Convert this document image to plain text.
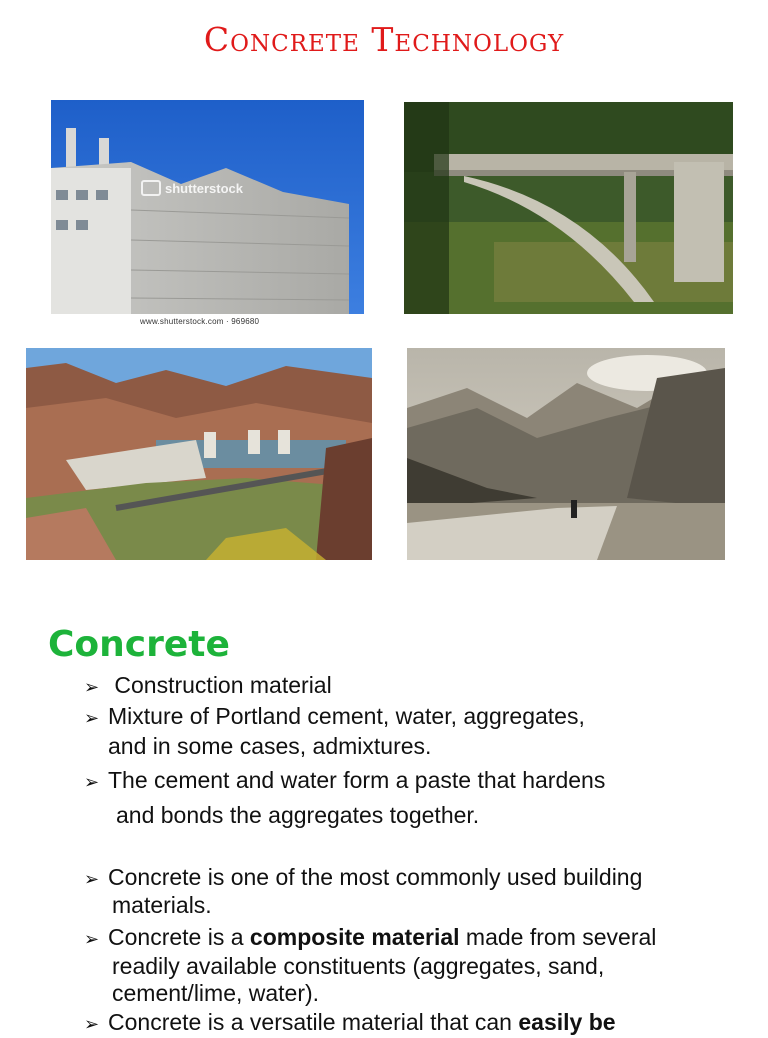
Concrete Technology
shutterstock
www.shutterstock.com · 969680
Concrete
➢ Construction material
➢ Mixture of Portland cement, water, aggregates,
and in some cases, admixtures.
➢ The cement and water form a paste that hardens
and bonds the aggregates together.
➢ Concrete is one of the most commonly used building
materials.
➢ Concrete is a composite material made from several
readily available constituents (aggregates, sand,
cement/lime, water).
➢ Concrete is a versatile material that can easily be
